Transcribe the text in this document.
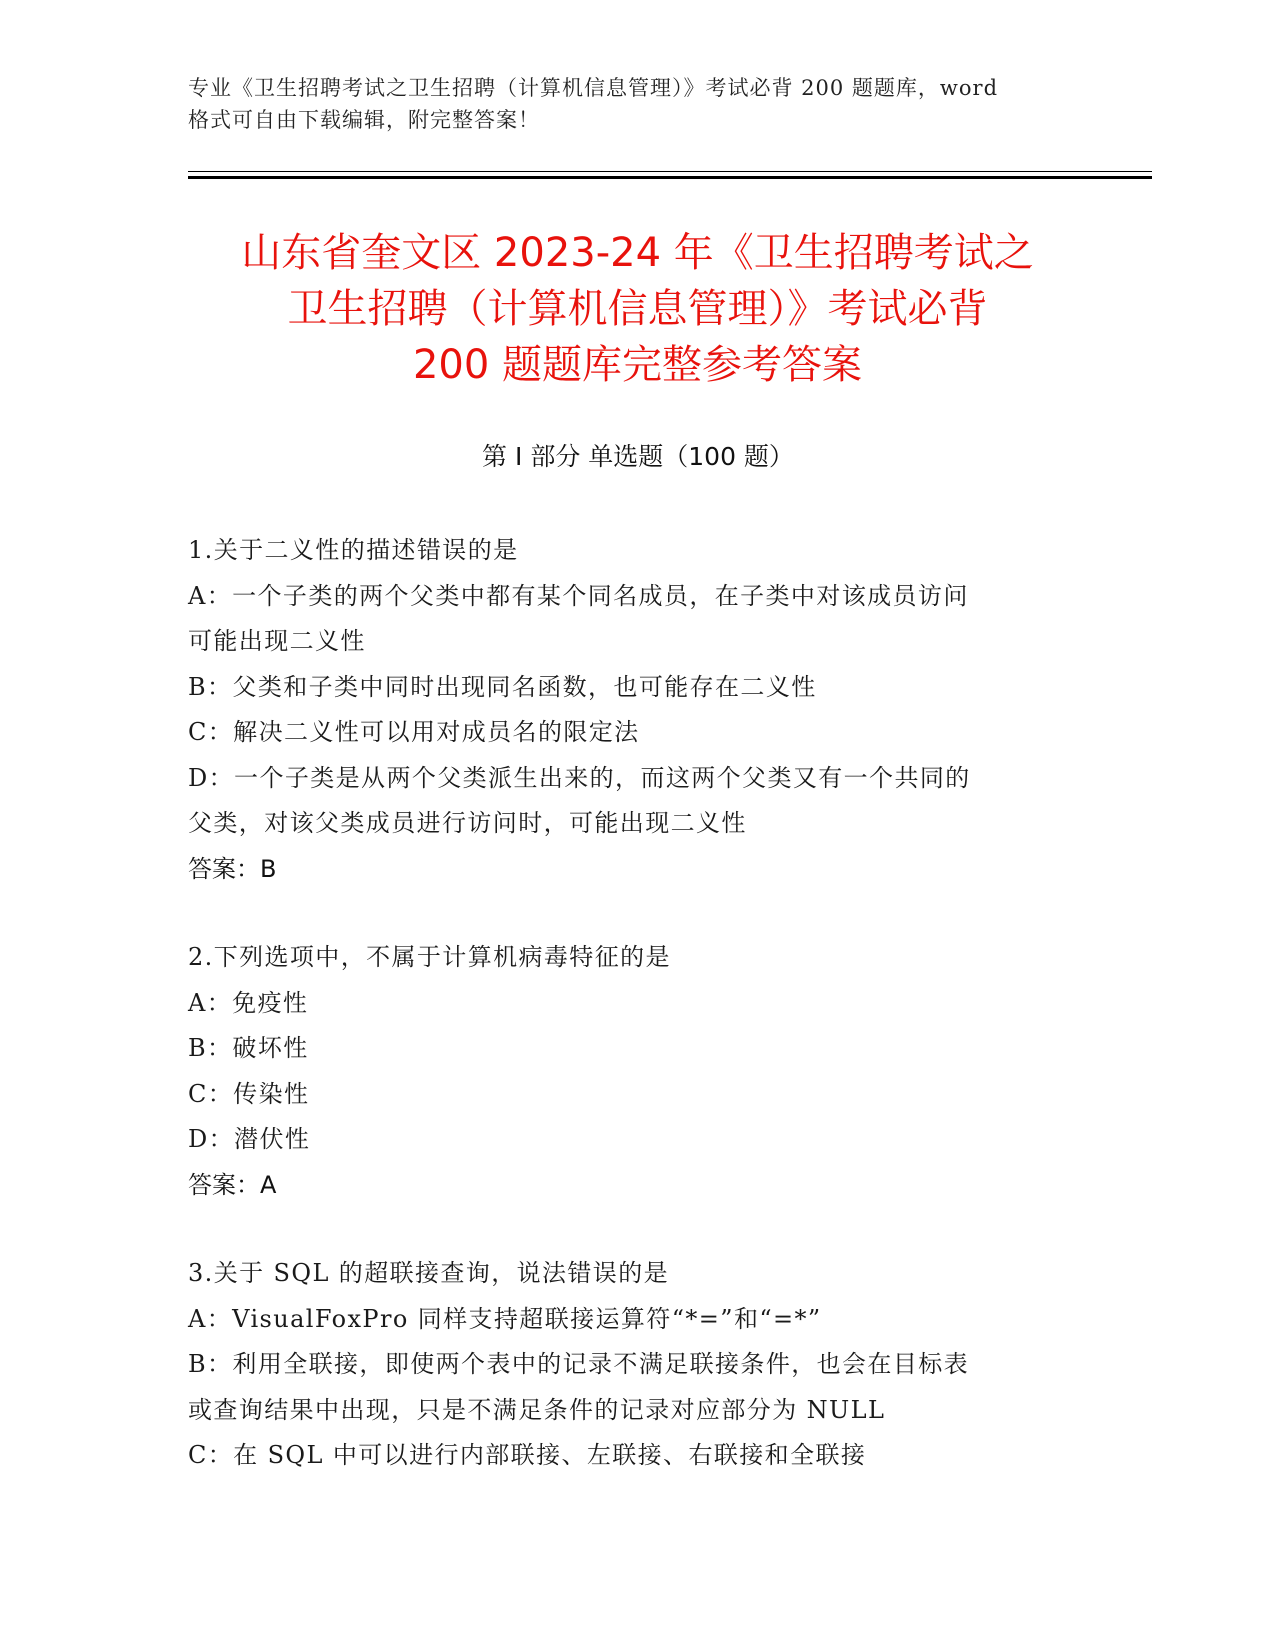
专业《卫生招聘考试之卫生招聘（计算机信息管理）》考试必背 200 题题库，word
格式可自由下载编辑，附完整答案！
山东省奎文区 2023-24 年《卫生招聘考试之
卫生招聘（计算机信息管理）》考试必背
200 题题库完整参考答案
第 I 部分 单选题（100 题）
1.关于二义性的描述错误的是
A：一个子类的两个父类中都有某个同名成员，在子类中对该成员访问
可能出现二义性
B：父类和子类中同时出现同名函数，也可能存在二义性
C：解决二义性可以用对成员名的限定法
D：一个子类是从两个父类派生出来的，而这两个父类又有一个共同的
父类，对该父类成员进行访问时，可能出现二义性
答案：B
2.下列选项中，不属于计算机病毒特征的是
A：免疫性
B：破坏性
C：传染性
D：潜伏性
答案：A
3.关于 SQL 的超联接查询，说法错误的是
A：VisualFoxPro 同样支持超联接运算符“*=”和“=*”
B：利用全联接，即使两个表中的记录不满足联接条件，也会在目标表
或查询结果中出现，只是不满足条件的记录对应部分为 NULL
C：在 SQL 中可以进行内部联接、左联接、右联接和全联接
